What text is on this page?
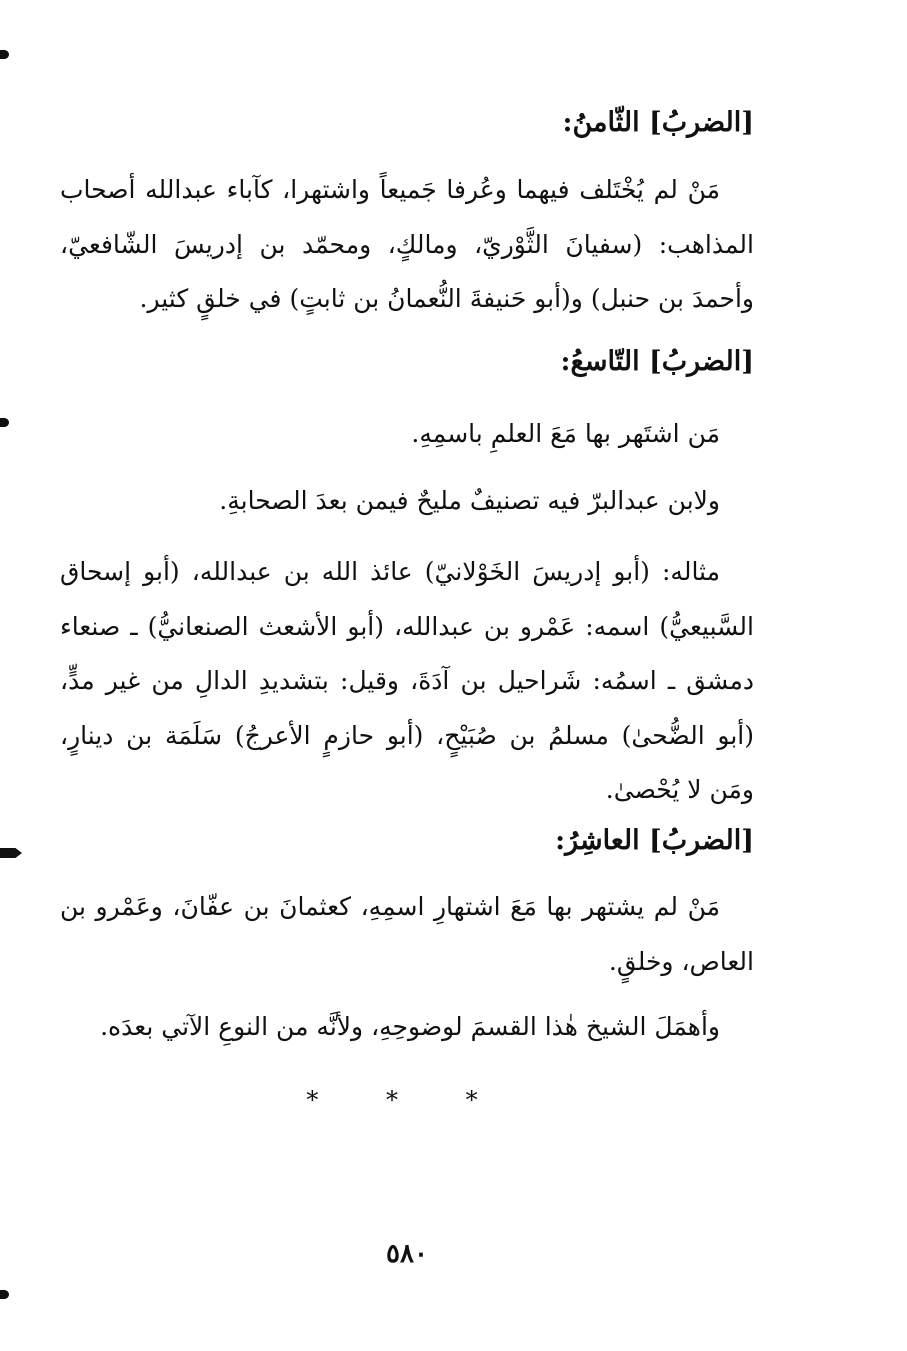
[الضربُ] الثّامنُ:
مَنْ لم يُخْتَلف فيهما وعُرفا جَميعاً واشتهرا، كآباء عبدالله أصحاب المذاهب: (سفيانَ الثَّوْريّ، ومالكٍ، ومحمّد بن إدريسَ الشّافعيّ، وأحمدَ بن حنبل) و(أبو حَنيفةَ النُّعمانُ بن ثابتٍ) في خلقٍ كثير.
[الضربُ] التّاسعُ:
مَن اشتَهر بها مَعَ العلمِ باسمِهِ.
ولابن عبدالبرّ فيه تصنيفٌ مليحٌ فيمن بعدَ الصحابةِ.
مثاله: (أبو إدريسَ الخَوْلانيّ) عائذ الله بن عبدالله، (أبو إسحاق السَّبيعيُّ) اسمه: عَمْرو بن عبدالله، (أبو الأشعث الصنعانيُّ) ـ صنعاء دمشق ـ اسمُه: شَراحيل بن آدَةَ، وقيل: بتشديدِ الدالِ من غير مدٍّ، (أبو الضُّحىٰ) مسلمُ بن صُبَيْحٍ، (أبو حازمٍ الأعرجُ) سَلَمَة بن دينارٍ، ومَن لا يُحْصىٰ.
[الضربُ] العاشِرُ:
مَنْ لم يشتهر بها مَعَ اشتهارِ اسمِهِ، كعثمانَ بن عفّانَ، وعَمْرو بن العاص، وخلقٍ.
وأهمَلَ الشيخ هٰذا القسمَ لوضوحِهِ، ولأنَّه من النوعِ الآتي بعدَه.
* * *
٥٨٠
